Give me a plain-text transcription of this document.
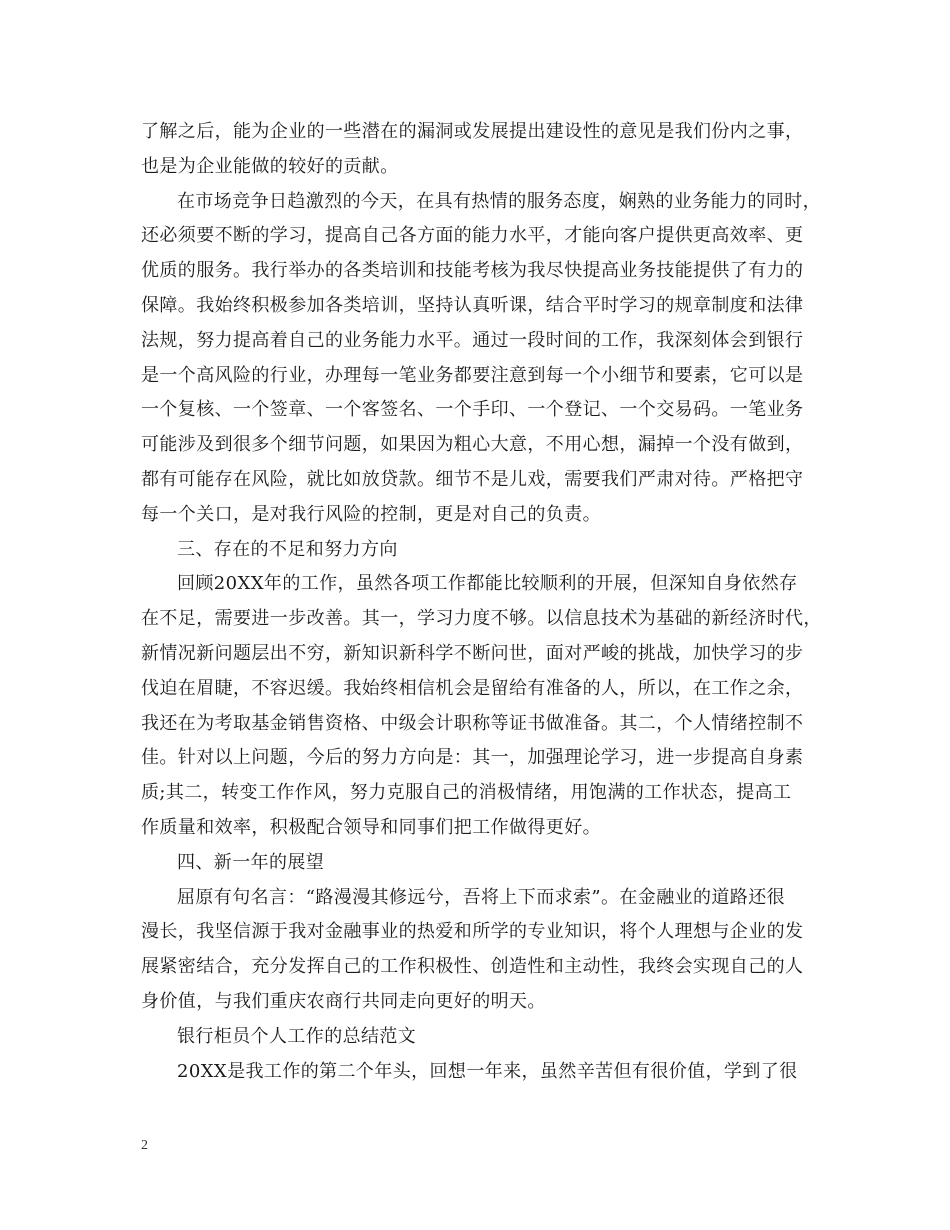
了解之后，能为企业的一些潜在的漏洞或发展提出建设性的意见是我们份内之事，
也是为企业能做的较好的贡献。
在市场竞争日趋激烈的今天，在具有热情的服务态度，娴熟的业务能力的同时，
还必须要不断的学习，提高自己各方面的能力水平，才能向客户提供更高效率、更
优质的服务。我行举办的各类培训和技能考核为我尽快提高业务技能提供了有力的
保障。我始终积极参加各类培训，坚持认真听课，结合平时学习的规章制度和法律
法规，努力提高着自己的业务能力水平。通过一段时间的工作，我深刻体会到银行
是一个高风险的行业，办理每一笔业务都要注意到每一个小细节和要素，它可以是
一个复核、一个签章、一个客签名、一个手印、一个登记、一个交易码。一笔业务
可能涉及到很多个细节问题，如果因为粗心大意，不用心想，漏掉一个没有做到，
都有可能存在风险，就比如放贷款。细节不是儿戏，需要我们严肃对待。严格把守
每一个关口，是对我行风险的控制，更是对自己的负责。
三、存在的不足和努力方向
回顾20XX年的工作，虽然各项工作都能比较顺利的开展，但深知自身依然存
在不足，需要进一步改善。其一，学习力度不够。以信息技术为基础的新经济时代，
新情况新问题层出不穷，新知识新科学不断问世，面对严峻的挑战，加快学习的步
伐迫在眉睫，不容迟缓。我始终相信机会是留给有准备的人，所以，在工作之余，
我还在为考取基金销售资格、中级会计职称等证书做准备。其二，个人情绪控制不
佳。针对以上问题，今后的努力方向是：其一，加强理论学习，进一步提高自身素
质;其二，转变工作作风，努力克服自己的消极情绪，用饱满的工作状态，提高工
作质量和效率，积极配合领导和同事们把工作做得更好。
四、新一年的展望
屈原有句名言：“路漫漫其修远兮，吾将上下而求索”。在金融业的道路还很
漫长，我坚信源于我对金融事业的热爱和所学的专业知识，将个人理想与企业的发
展紧密结合，充分发挥自己的工作积极性、创造性和主动性，我终会实现自己的人
身价值，与我们重庆农商行共同走向更好的明天。
银行柜员个人工作的总结范文
20XX是我工作的第二个年头，回想一年来，虽然辛苦但有很价值，学到了很
2
